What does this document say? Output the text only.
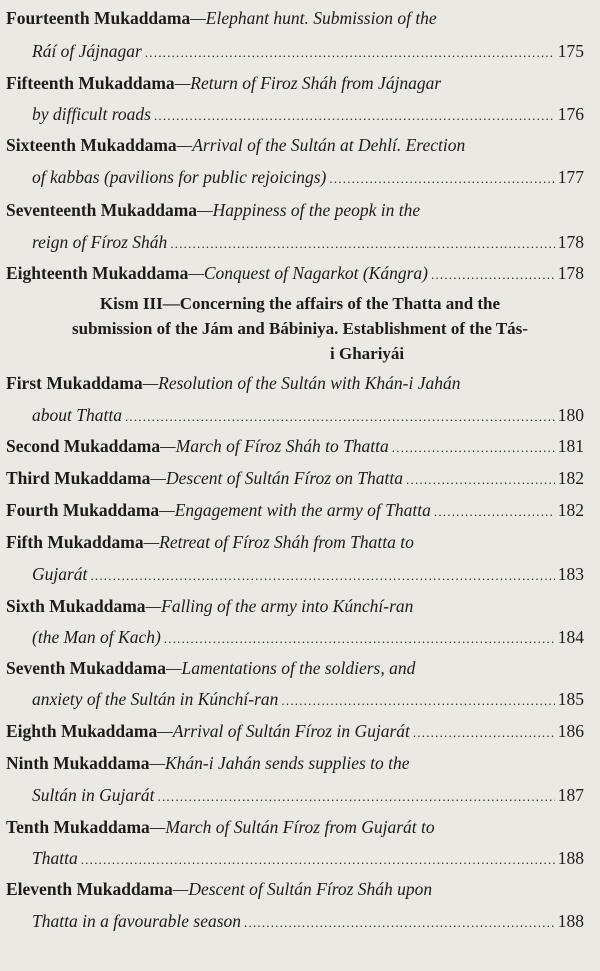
Fourteenth Mukaddama—Elephant hunt. Submission of the
Ráí of Jájnagar .....	175
Fifteenth Mukaddama—Return of Firoz Sháh from Jájnagar
by difficult roads .....	176
Sixteenth Mukaddama—Arrival of the Sultán at Dehlí. Erection
of kabbas (pavilions for public rejoicings) .....	177
Seventeenth Mukaddama—Happiness of the peopk in the
reign of Fíroz Sháh .....	178
Eighteenth Mukaddama —Conquest of Nagarkot (Kángra) .....	178
Kism III—Concerning the affairs of the Thatta and the
submission of the Jám and Bábiniya. Establishment of the Tás-
i Ghariyái
First Mukaddama—Resolution of the Sultán with Khán-i Jahán
about Thatta .....	180
Second Mukaddama —March of Fíroz Sháh to Thatta .....	181
Third Mukaddama —Descent of Sultán Fíroz on Thatta .....	182
Fourth Mukaddama —Engagement with the army of Thatta .....	182
Fifth Mukaddama—Retreat of Fíroz Sháh from Thatta to
Gujarát .....	183
Sixth Mukaddama—Falling of the army into Kúnchí-ran
(the Man of Kach) .....	184
Seventh Mukaddama—Lamentations of the soldiers, and
anxiety of the Sultán in Kúnchí-ran .....	185
Eighth Mukaddama —Arrival of Sultán Fíroz in Gujarát .....	186
Ninth Mukaddama—Khán-i Jahán sends supplies to the
Sultán in Gujarát .....	187
Tenth Mukaddama—March of Sultán Fíroz from Gujarát to
Thatta .....	188
Eleventh Mukaddama—Descent of Sultán Fíroz Sháh upon
Thatta in a favourable season .....	188
